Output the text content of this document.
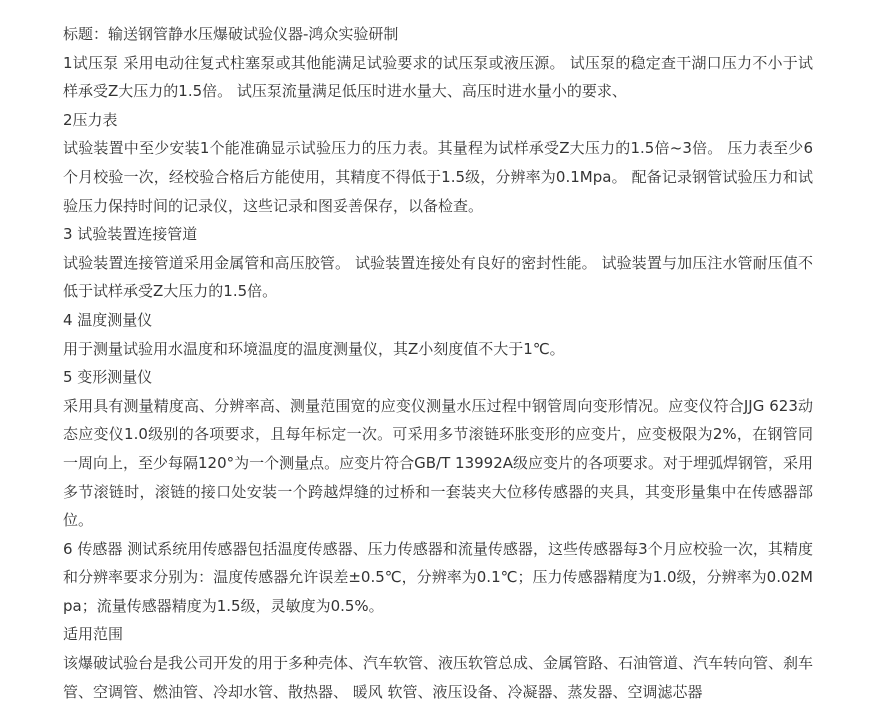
标题：输送钢管静水压爆破试验仪器-鸿众实验研制

1试压泵 采用电动往复式柱塞泵或其他能满足试验要求的试压泵或液压源。 试压泵的稳定查干湖口压力不小于试样承受Z大压力的1.5倍。 试压泵流量满足低压时进水量大、高压时进水量小的要求、

2压力表

试验装置中至少安装1个能准确显示试验压力的压力表。其量程为试样承受Z大压力的1.5倍~3倍。 压力表至少6个月校验一次，经校验合格后方能使用，其精度不得低于1.5级，分辨率为0.1Mpa。 配备记录钢管试验压力和试验压力保持时间的记录仪，这些记录和图妥善保存，以备检查。

3 试验装置连接管道

试验装置连接管道采用金属管和高压胶管。 试验装置连接处有良好的密封性能。 试验装置与加压注水管耐压值不低于试样承受Z大压力的1.5倍。

4 温度测量仪

用于测量试验用水温度和环境温度的温度测量仪，其Z小刻度值不大于1℃。

5 变形测量仪

采用具有测量精度高、分辨率高、测量范围宽的应变仪测量水压过程中钢管周向变形情况。应变仪符合JJG 623动态应变仪1.0级别的各项要求，且每年标定一次。可采用多节滚链环胀变形的应变片，应变极限为2%，在钢管同一周向上，至少每隔120°为一个测量点。应变片符合GB/T 13992A级应变片的各项要求。对于埋弧焊钢管，采用多节滚链时，滚链的接口处安装一个跨越焊缝的过桥和一套装夹大位移传感器的夹具，其变形量集中在传感器部位。

6 传感器 测试系统用传感器包括温度传感器、压力传感器和流量传感器，这些传感器每3个月应校验一次，其精度和分辨率要求分别为：温度传感器允许误差±0.5℃，分辨率为0.1℃；压力传感器精度为1.0级，分辨率为0.02Mpa；流量传感器精度为1.5级，灵敏度为0.5%。

适用范围

该爆破试验台是我公司开发的用于多种壳体、汽车软管、液压软管总成、金属管路、石油管道、汽车转向管、刹车管、空调管、燃油管、冷却水管、散热器、 暖风 软管、液压设备、冷凝器、蒸发器、空调滤芯器
